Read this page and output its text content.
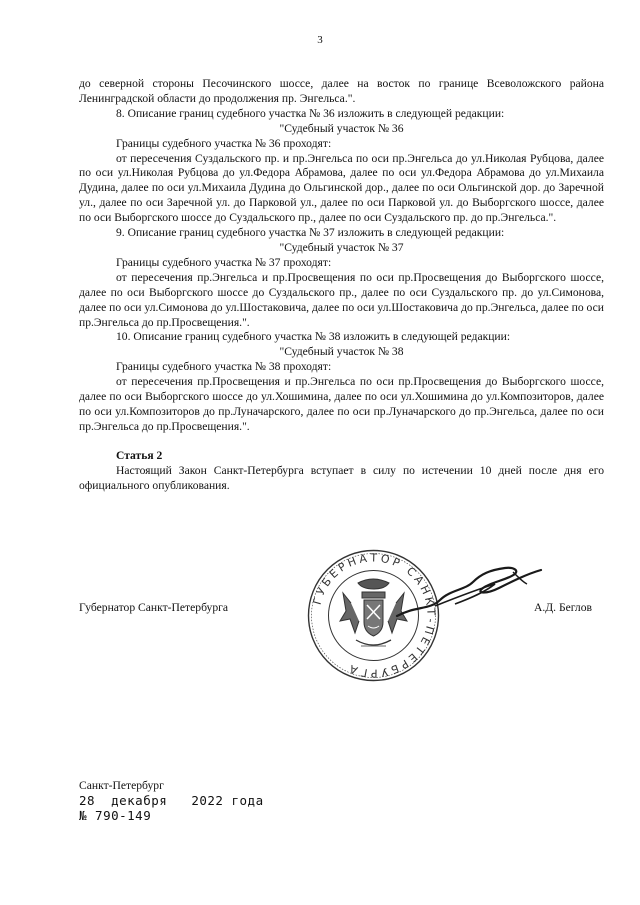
3

до северной стороны Песочинского шоссе, далее на восток по границе Всеволожского района Ленинградской области до продолжения пр. Энгельса.".

8. Описание границ судебного участка № 36 изложить в следующей редакции:

"Судебный участок № 36

Границы судебного участка № 36 проходят:

от пересечения Суздальского пр. и пр.Энгельса по оси пр.Энгельса до ул.Николая Рубцова, далее по оси ул.Николая Рубцова до ул.Федора Абрамова, далее по оси ул.Федора Абрамова до ул.Михаила Дудина, далее по оси ул.Михаила Дудина до Ольгинской дор., далее по оси Ольгинской дор. до Заречной ул., далее по оси Заречной ул. до Парковой ул., далее по оси Парковой ул. до Выборгского шоссе, далее по оси Выборгского шоссе до Суздальского пр., далее по оси Суздальского пр. до пр.Энгельса.".

9. Описание границ судебного участка № 37 изложить в следующей редакции:

"Судебный участок № 37

Границы судебного участка № 37 проходят:

от пересечения пр.Энгельса и пр.Просвещения по оси пр.Просвещения до Выборгского шоссе, далее по оси Выборгского шоссе до Суздальского пр., далее по оси Суздальского пр. до ул.Симонова, далее по оси ул.Симонова до ул.Шостаковича, далее по оси ул.Шостаковича до пр.Энгельса, далее по оси пр.Энгельса до пр.Просвещения.".

10. Описание границ судебного участка № 38 изложить в следующей редакции:

"Судебный участок № 38

Границы судебного участка № 38 проходят:

от пересечения пр.Просвещения и пр.Энгельса по оси пр.Просвещения до Выборгского шоссе, далее по оси Выборгского шоссе до ул.Хошимина, далее по оси ул.Хошимина до ул.Композиторов, далее по оси ул.Композиторов до пр.Луначарского, далее по оси пр.Луначарского до пр.Энгельса, далее по оси пр.Энгельса до пр.Просвещения.".

Статья 2

Настоящий Закон Санкт-Петербурга вступает в силу по истечении 10 дней после дня его официального опубликования.

Губернатор Санкт-Петербурга	А.Д. Беглов
ГУБЕРНАТОР САНКТ-ПЕТЕРБУРГА
Санкт-Петербург
28  декабря   2022 года
№ 790-149
